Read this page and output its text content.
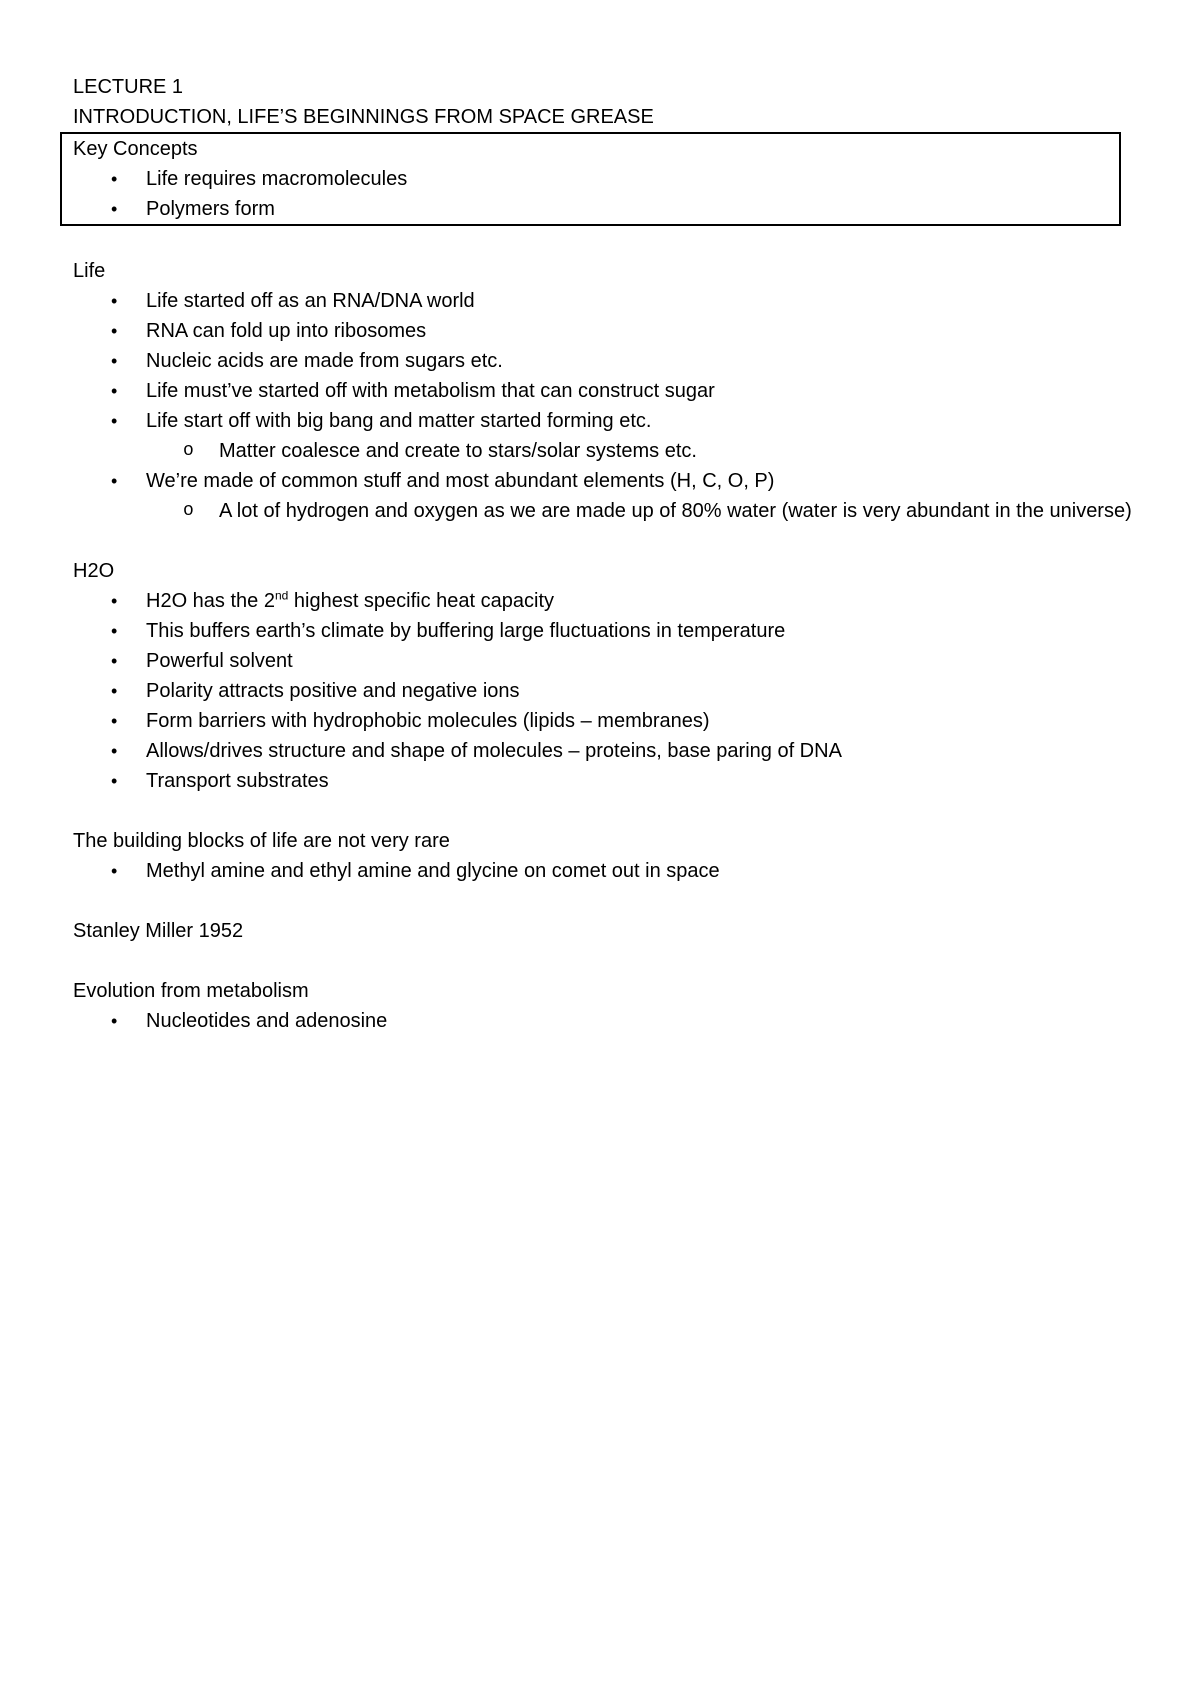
LECTURE 1

INTRODUCTION, LIFE’S BEGINNINGS FROM SPACE GREASE

Key Concepts

• Life requires macromolecules
• Polymers form

Life

• Life started off as an RNA/DNA world
• RNA can fold up into ribosomes
• Nucleic acids are made from sugars etc.
• Life must’ve started off with metabolism that can construct sugar
• Life start off with big bang and matter started forming etc.
o Matter coalesce and create to stars/solar systems etc.
• We’re made of common stuff and most abundant elements (H, C, O, P)
o A lot of hydrogen and oxygen as we are made up of 80% water (water is very abundant in the universe)

H2O

• H2O has the 2nd highest specific heat capacity
• This buffers earth’s climate by buffering large fluctuations in temperature
• Powerful solvent
• Polarity attracts positive and negative ions
• Form barriers with hydrophobic molecules (lipids – membranes)
• Allows/drives structure and shape of molecules – proteins, base paring of DNA
• Transport substrates

The building blocks of life are not very rare

• Methyl amine and ethyl amine and glycine on comet out in space

Stanley Miller 1952

Evolution from metabolism

• Nucleotides and adenosine
